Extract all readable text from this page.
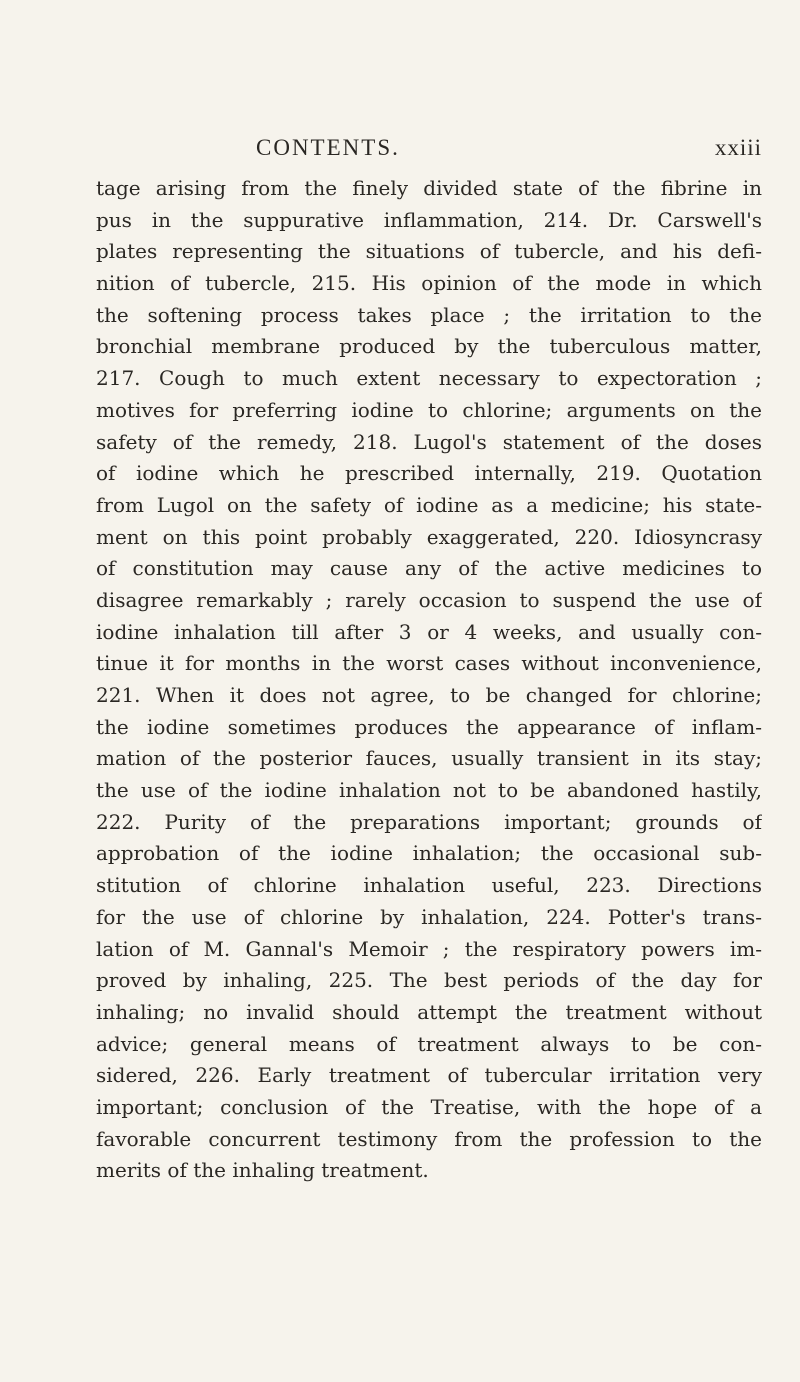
CONTENTS.	xxiii
tage arising from the finely divided state of the fibrine in
pus in the suppurative inflammation, 214. Dr. Carswell's
plates representing the situations of tubercle, and his defi-
nition of tubercle, 215. His opinion of the mode in which
the softening process takes place ; the irritation to the
bronchial membrane produced by the tuberculous matter,
217. Cough to much extent necessary to expectoration ;
motives for preferring iodine to chlorine; arguments on the
safety of the remedy, 218. Lugol's statement of the doses
of iodine which he prescribed internally, 219. Quotation
from Lugol on the safety of iodine as a medicine; his state-
ment on this point probably exaggerated, 220. Idiosyncrasy
of constitution may cause any of the active medicines to
disagree remarkably ; rarely occasion to suspend the use of
iodine inhalation till after 3 or 4 weeks, and usually con-
tinue it for months in the worst cases without inconvenience,
221. When it does not agree, to be changed for chlorine;
the iodine sometimes produces the appearance of inflam-
mation of the posterior fauces, usually transient in its stay;
the use of the iodine inhalation not to be abandoned hastily,
222. Purity of the preparations important; grounds of
approbation of the iodine inhalation; the occasional sub-
stitution of chlorine inhalation useful, 223. Directions
for the use of chlorine by inhalation, 224. Potter's trans-
lation of M. Gannal's Memoir ; the respiratory powers im-
proved by inhaling, 225. The best periods of the day for
inhaling; no invalid should attempt the treatment without
advice; general means of treatment always to be con-
sidered, 226. Early treatment of tubercular irritation very
important; conclusion of the Treatise, with the hope of a
favorable concurrent testimony from the profession to the
merits of the inhaling treatment.
